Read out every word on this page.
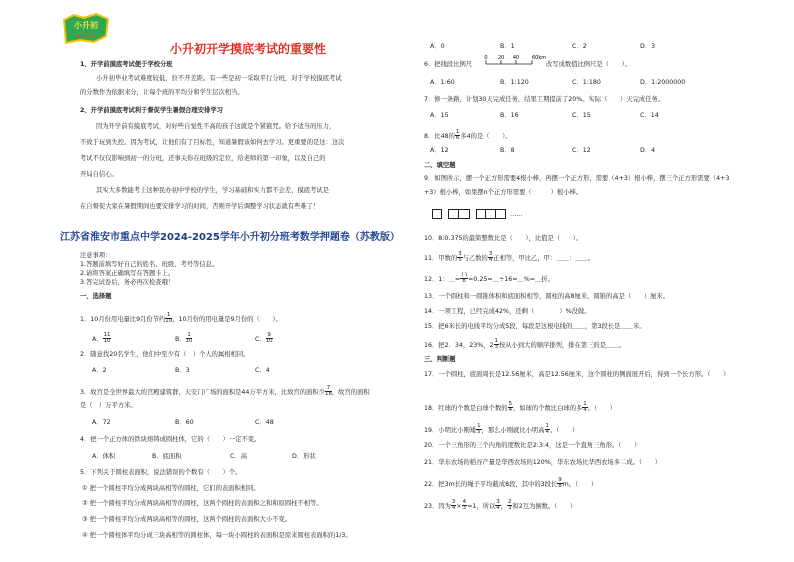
小升初
★ ★ ★
小升初开学摸底考试的重要性
1、开学前摸底考试便于学校分班
小升初毕业考试难度较低，拉不开差距。有一些是初一采取平行分班，对于学校摸底考试
的分数作为依据来分，让每个班的平均分和学生层次相当。
2、开学前摸底考试利于督促学生暑假合理安排学习
因为开学前有摸底考试，对好些自觉性不高的孩子这就是个紧箍咒。给予适当的压力，
不致于玩到失控。因为考试，让他们有了目标性，知道暑假该如何去学习。更重要的是这：这次
考试不仅仅影响到初一的分班，还事关你在班级的定位，给老师的第一印象，以及自己的
开局自信心。
其实大多数能考上这种民办初中学校的学生，学习基础和实力都不会差，摸底考试是
在自督促大家在暑假期间也要安排学习的时间，否则开学后调整学习状态就有些难了！
江苏省淮安市重点中学2024-2025学年小升初分班考数学押题卷（苏教版）
注意事项：
1.答题前填写好自己的姓名、班级、考号等信息。
2.请将答案正确填写在答题卡上。
3.答完试卷后，务必再次检查哦！
一、选择题
1．10月份用电量比9月份节约 $\frac{1}{10}$ ，10月份的用电量是9月份的（　　）。
A． $\frac{11}{10}$	B． $\frac{1}{10}$	C． $\frac{9}{10}$
2．随意找20名学生，他们中至少有（　）个人的属相相同。
A．2	B．3	C．4
3．故宫是全世界最大的宫殿建筑群，天安门广场的面积是44万平方米，比故宫的面积少 $\frac{7}{18}$ ，故宫的面积
是（　）万平方米。
A．72	B．60	C．48
4．把一个正方体的铁块熔铸成圆柱体，它的（　　）一定不变。
A．体积	B．底面积	C．高	D．形状
5．下列关于圆柱表面积，说法错误的个数有（　　）个。
① 把一个圆柱平均分成两块高相等的圆柱，它们的表面积相同。
② 把一个圆柱平均分成两块高相等的圆柱，这两个圆柱的表面积之和和原圆柱不相等。
③ 把一个圆柱平均分成两块高相等的圆柱，这两个圆柱的表面积大小不变。
④ 把一个圆柱体平均分成三块高相等的圆柱体，每一块小圆柱的表面积是原来圆柱表面积的1/3。
A．0	B．1	C．2	D．3
6．把线段比例尺
0 20 40	60km
改写成数值比例尺是（　　）。
A．1:60	B．1:120	C．1:180	D．1:2000000
7．修一条路，计划30天完成任务，结果工期提前了20%。实际（　　）天完成任务。
A．15	B．16	C．15	C．14
8．比48的 $\frac{1}{6}$ 多4的是（　　）。
A．12	B．8	C．12	D．4
二、填空题
9．如图所示，摆一个正方形需要4根小棒，再摆一个正方形，需要（4+3）根小棒，摆三个正方形需要（4+3
+3）根小棒，如果摆n个正方形需要（　　　）根小棒。
……
10．8:0.375的最简整数比是（　　），比值是（　　）。
11．甲数的 $\frac{3}{5}$ 与乙数的 $\frac{3}{4}$ 正相等，甲比乙，甲：＿＿：＿＿。
12．1：＿= $\frac{( )}{8}$ =0.25=＿÷16=＿%=＿折。
13．一个圆柱和一圆锥体积和底面积相等，圆柱的高8厘米，圆锥的高是（　　）厘米。
14．一项工程，已经完成42%，还剩（　　　　）%没做。
15．把6米长的电线平均分成5段，每段是这根电线的＿＿，第3段长是＿＿米。
16．把2．34，23%，$2 \frac{1}{3}$ 按从小到大的顺序排列，排在第三的是＿＿。
三、判断题
17．一个圆柱，底面周长是12.56厘米，高是12.56厘米，这个圆柱的侧面展开后，得到一个长方形。（　　）
18．红球的个数是白球个数的 $\frac{5}{4}$ ，如球的个数比白球的多 $\frac{1}{4}$ 。（　　）
19．小明比小刚矮 $\frac{1}{5}$ ，那么小刚就比小明高 $\frac{1}{4}$ 。（　　）
20．一个三角形的三个内角的度数比是2:3:4，这是一个直角三角形。（　　）
21．华东农场的稻谷产量是华西农场的120%，华东农场比华西农场多二成。（　　）
22．把3m长的绳子平均截成8段，其中的3段长 $\frac{9}{8}$ m。（　　）
23．因为 $\frac{3}{4} \times \frac{4}{3} =1$，所以 $\frac{3}{4}$ ， $\frac{2}{3}$ 和2互为倒数。（　　）
